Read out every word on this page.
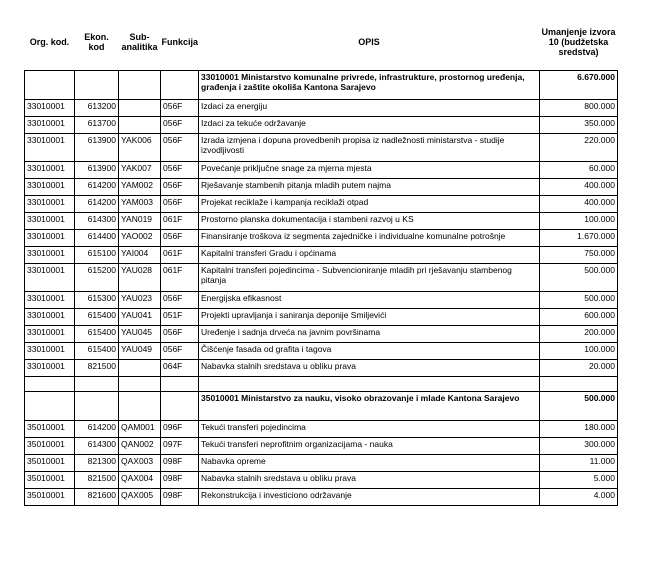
Org. kod.	Ekon. kod	Sub-analitika	Funkcija	OPIS	Umanjenje izvora 10 (budžetska sredstva)
				33010001 Ministarstvo komunalne privrede, infrastrukture, prostornog uređenja, građenja i zaštite okoliša Kantona Sarajevo	6.670.000
33010001	613200		056F	Izdaci za energiju	800.000
33010001	613700		056F	Izdaci za tekuće održavanje	350.000
33010001	613900	YAK006	056F	Izrada izmjena i dopuna provedbenih propisa iz nadležnosti ministarstva - studije izvodljivosti	220.000
33010001	613900	YAK007	056F	Povećanje priključne snage za mjerna mjesta	60.000
33010001	614200	YAM002	056F	Rješavanje stambenih pitanja mladih putem najma	400.000
33010001	614200	YAM003	056F	Projekat reciklaže i kampanja reciklaži otpad	400.000
33010001	614300	YAN019	061F	Prostorno planska dokumentacija i stambeni razvoj u KS	100.000
33010001	614400	YAO002	056F	Finansiranje troškova iz segmenta zajedničke i individualne komunalne potrošnje	1.670.000
33010001	615100	YAI004	061F	Kapitalni transferi Gradu i općinama	750.000
33010001	615200	YAU028	061F	Kapitalni transferi pojedincima - Subvencioniranje mladih pri rješavanju stambenog pitanja	500.000
33010001	615300	YAU023	056F	Energijska efikasnost	500.000
33010001	615400	YAU041	051F	Projekti upravljanja i saniranja deponije Smiljevići	600.000
33010001	615400	YAU045	056F	Uređenje i sadnja drveća na javnim površinama	200.000
33010001	615400	YAU049	056F	Čišćenje fasada od grafita i tagova	100.000
33010001	821500		064F	Nabavka stalnih sredstava u obliku prava	20.000

				35010001 Ministarstvo za nauku, visoko obrazovanje i mlade Kantona Sarajevo	500.000
35010001	614200	QAM001	096F	Tekući transferi pojedincima	180.000
35010001	614300	QAN002	097F	Tekući transferi neprofitnim organizacijama - nauka	300.000
35010001	821300	QAX003	098F	Nabavka opreme	11.000
35010001	821500	QAX004	098F	Nabavka stalnih sredstava u obliku prava	5.000
35010001	821600	QAX005	098F	Rekonstrukcija i investiciono održavanje	4.000
